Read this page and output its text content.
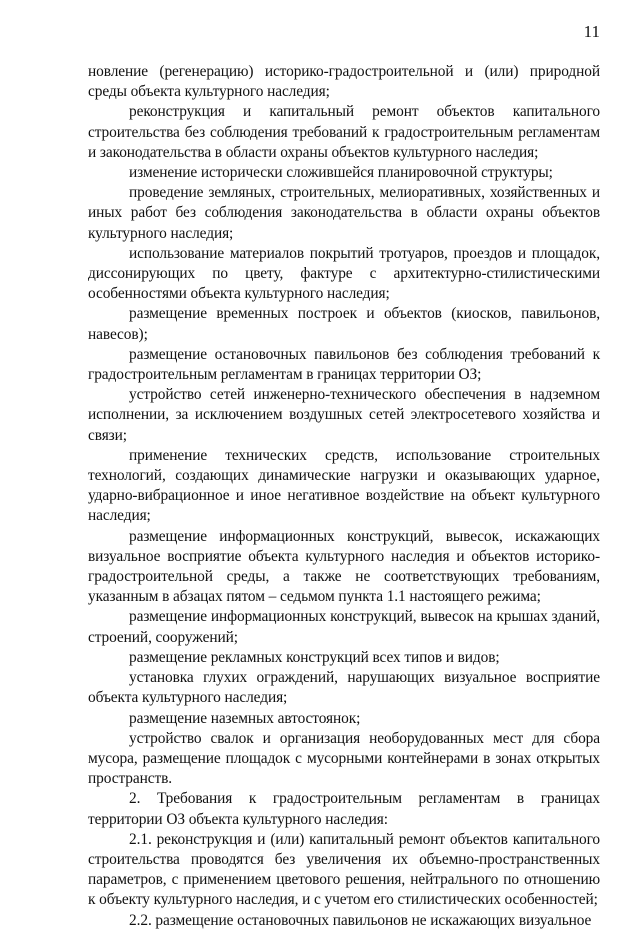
11

новление (регенерацию) историко-градостроительной и (или) природной среды объекта культурного наследия;

реконструкция и капитальный ремонт объектов капитального строительства без соблюдения требований к градостроительным регламентам и законодательства в области охраны объектов культурного наследия;

изменение исторически сложившейся планировочной структуры;

проведение земляных, строительных, мелиоративных, хозяйственных и иных работ без соблюдения законодательства в области охраны объектов культурного наследия;

использование материалов покрытий тротуаров, проездов и площадок, диссонирующих по цвету, фактуре с архитектурно-стилистическими особенностями объекта культурного наследия;

размещение временных построек и объектов (киосков, павильонов, навесов);

размещение остановочных павильонов без соблюдения требований к градостроительным регламентам в границах территории ОЗ;

устройство сетей инженерно-технического обеспечения в надземном исполнении, за исключением воздушных сетей электросетевого хозяйства и связи;

применение технических средств, использование строительных технологий, создающих динамические нагрузки и оказывающих ударное, ударно-вибрационное и иное негативное воздействие на объект культурного наследия;

размещение информационных конструкций, вывесок, искажающих визуальное восприятие объекта культурного наследия и объектов историко-градостроительной среды, а также не соответствующих требованиям, указанным в абзацах пятом – седьмом пункта 1.1 настоящего режима;

размещение информационных конструкций, вывесок на крышах зданий, строений, сооружений;

размещение рекламных конструкций всех типов и видов;

установка глухих ограждений, нарушающих визуальное восприятие объекта культурного наследия;

размещение наземных автостоянок;

устройство свалок и организация необорудованных мест для сбора мусора, размещение площадок с мусорными контейнерами в зонах открытых пространств.

2. Требования к градостроительным регламентам в границах территории ОЗ объекта культурного наследия:

2.1. реконструкция и (или) капитальный ремонт объектов капитального строительства проводятся без увеличения их объемно-пространственных параметров, с применением цветового решения, нейтрального по отношению к объекту культурного наследия, и с учетом его стилистических особенностей;

2.2. размещение остановочных павильонов не искажающих визуальное
